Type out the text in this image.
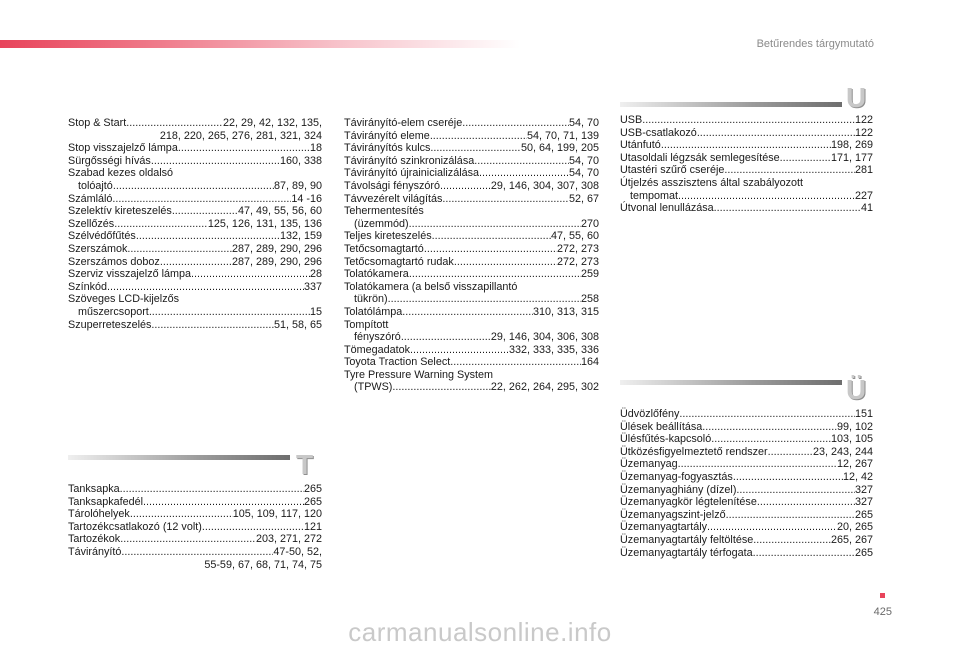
Betűrendes tárgymutató
Stop & Start .....	22, 29, 42, 132, 135,
218, 220, 265, 276, 281, 321, 324
Stop visszajelző lámpa .....	18
Sürgősségi hívás .....	160, 338
Szabad kezes oldalsó
tolóajtó .....	87, 89, 90
Számláló .....	14 -16
Szelektív kireteszelés .....	47, 49, 55, 56, 60
Szellőzés .....	125, 126, 131, 135, 136
Szélvédőfűtés .....	132, 159
Szerszámok .....	287, 289, 290, 296
Szerszámos doboz .....	287, 289, 290, 296
Szerviz visszajelző lámpa .....	28
Színkód .....	337
Szöveges LCD-kijelzős
műszercsoport .....	15
Szuperreteszelés .....	51, 58, 65
Távirányító-elem cseréje .....	54, 70
Távirányító eleme .....	54, 70, 71, 139
Távirányítós kulcs .....	50, 64, 199, 205
Távirányító szinkronizálása .....	54, 70
Távirányító újrainicializálása .....	54, 70
Távolsági fényszóró .....	29, 146, 304, 307, 308
Távvezérelt világítás .....	52, 67
Tehermentesítés
(üzemmód) .....	270
Teljes kireteszelés .....	47, 55, 60
Tetőcsomagtartó .....	272, 273
Tetőcsomagtartó rudak .....	272, 273
Tolatókamera .....	259
Tolatókamera (a belső visszapillantó
tükrön) .....	258
Tolatólámpa .....	310, 313, 315
Tompított
fényszóró .....	29, 146, 304, 306, 308
Tömegadatok .....	332, 333, 335, 336
Toyota Traction Select .....	164
Tyre Pressure Warning System
(TPWS) .....	22, 262, 264, 295, 302
U
USB .....	122
USB-csatlakozó .....	122
Utánfutó .....	198, 269
Utasoldali légzsák semlegesítése .....	171, 177
Utastéri szűrő cseréje .....	281
Útjelzés asszisztens által szabályozott
tempomat .....	227
Útvonal lenullázása .....	41
T
Tanksapka .....	265
Tanksapkafedél .....	265
Tárolóhelyek .....	105, 109, 117, 120
Tartozékcsatlakozó (12 volt) .....	121
Tartozékok .....	203, 271, 272
Távirányító .....	47-50, 52,
55-59, 67, 68, 71, 74, 75
Ü
Üdvözlőfény .....	151
Ülések beállítása .....	99, 102
Ülésfűtés-kapcsoló .....	103, 105
Ütközésfigyelmeztető rendszer .....	23, 243, 244
Üzemanyag .....	12, 267
Üzemanyag-fogyasztás .....	12, 42
Üzemanyaghiány (dízel) .....	327
Üzemanyagkör légtelenítése .....	327
Üzemanyagszint-jelző .....	265
Üzemanyagtartály .....	20, 265
Üzemanyagtartály feltöltése .....	265, 267
Üzemanyagtartály térfogata .....	265
425
carmanualsonline.info
